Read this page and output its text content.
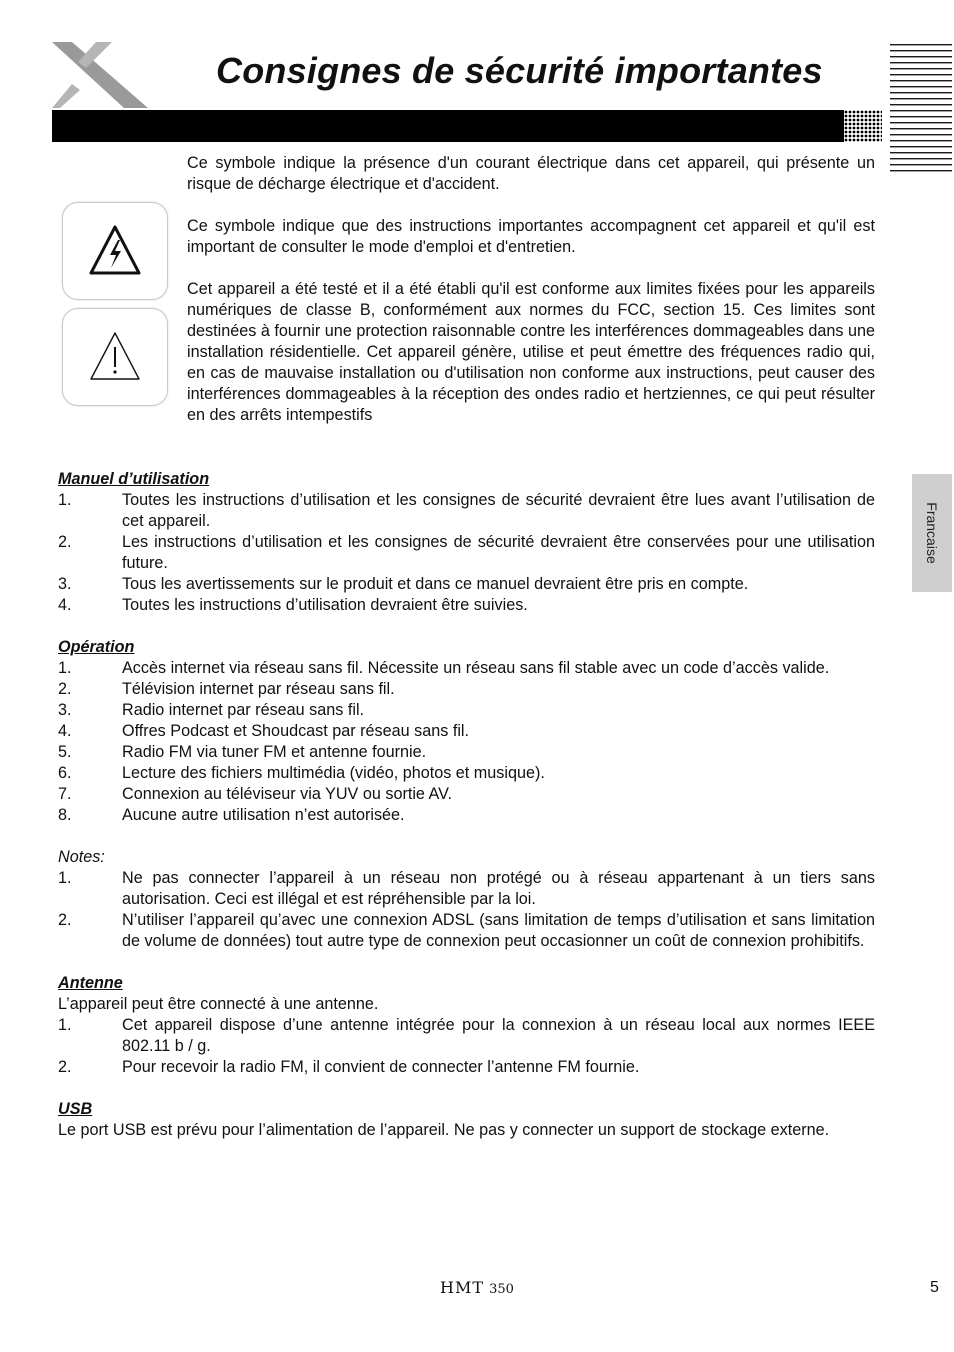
Consignes de sécurité importantes
Francaise

Ce symbole indique la présence d'un courant électrique dans cet appareil, qui présente un risque de décharge électrique et d'accident.

Ce symbole indique que des instructions importantes accompagnent cet appareil et qu'il est important de consulter le mode d'emploi et d'entretien.

Cet appareil a été testé et il a été établi qu'il est conforme aux limites fixées pour les appareils numériques de classe B, conformément aux normes du FCC, section 15. Ces limites sont destinées à fournir une protection raisonnable contre les interférences dommageables dans une installation résidentielle. Cet appareil génère, utilise et peut émettre des fréquences radio qui, en cas de mauvaise installation ou d'utilisation non conforme aux instructions, peut causer des interférences dommageables à la réception des ondes radio et hertziennes, ce qui peut résulter en des arrêts intempestifs

Manuel d’utilisation
1.	Toutes les instructions d’utilisation et les consignes de sécurité devraient être lues avant l’utilisation de cet appareil.
2.	Les instructions d’utilisation et les consignes de sécurité devraient être conservées pour une utilisation future.
3.	Tous les avertissements sur le produit et dans ce manuel devraient être pris en compte.
4.	Toutes les instructions d’utilisation devraient être suivies.
Opération
1.	Accès internet via réseau sans fil. Nécessite un réseau sans fil stable avec un code d’accès valide.
2.	Télévision internet par réseau sans fil.
3.	Radio internet par réseau sans fil.
4.	Offres Podcast et Shoudcast par réseau sans fil.
5.	Radio FM via tuner FM et antenne fournie.
6.	Lecture des fichiers multimédia (vidéo, photos et musique).
7.	Connexion au téléviseur via YUV ou sortie AV.
8.	Aucune autre utilisation n’est autorisée.
Notes:
1.	Ne pas connecter l’appareil à un réseau non protégé ou à réseau appartenant à un tiers sans autorisation. Ceci est illégal et est répréhensible par la loi.
2.	N’utiliser l’appareil qu’avec une connexion ADSL (sans limitation de temps d’utilisation et sans limitation de volume de données) tout autre type de connexion peut occasionner un coût de connexion prohibitifs.
Antenne

L’appareil peut être connecté à une antenne.

1.	Cet appareil dispose d’une antenne intégrée pour la connexion à un réseau local aux normes IEEE 802.11 b / g.
2.	Pour recevoir la radio FM, il convient de connecter l’antenne FM fournie.
USB

Le port USB est prévu pour l’alimentation de l’appareil. Ne pas y connecter un support de stockage externe.

HMT 350	5
